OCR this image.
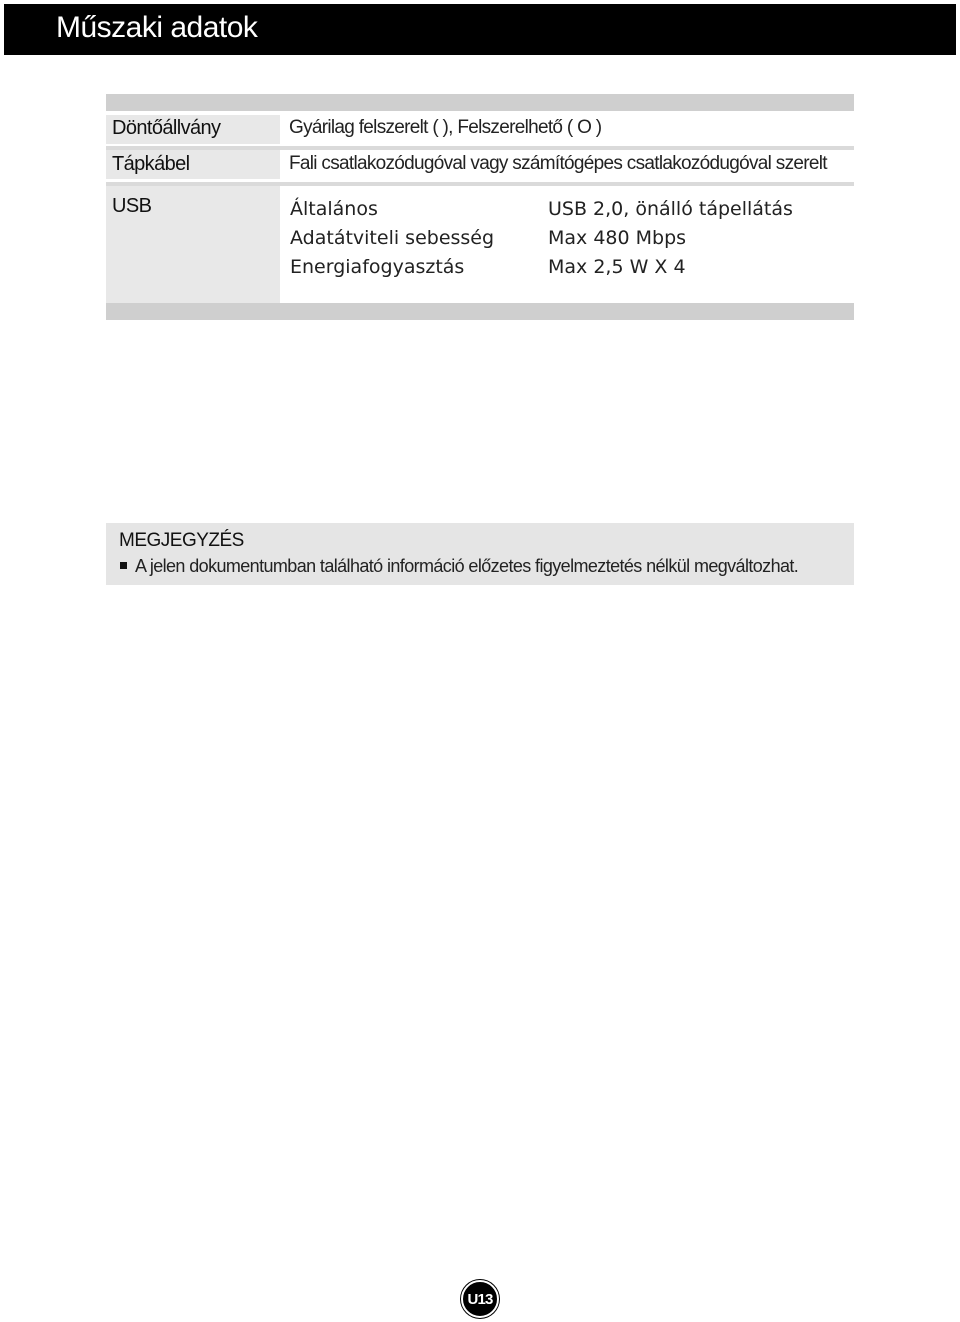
Műszaki adatok
Döntőállvány	Gyárilag felszerelt ( ), Felszerelhető ( O )
Tápkábel	Fali csatlakozódugóval vagy számítógépes csatlakozódugóval szerelt
USB	Általános	USB 2,0, önálló tápellátás
Adatátviteli sebesség	Max 480 Mbps
Energiafogyasztás	Max 2,5 W X 4
MEGJEGYZÉS
A jelen dokumentumban található információ előzetes figyelmeztetés nélkül megváltozhat.
U13
